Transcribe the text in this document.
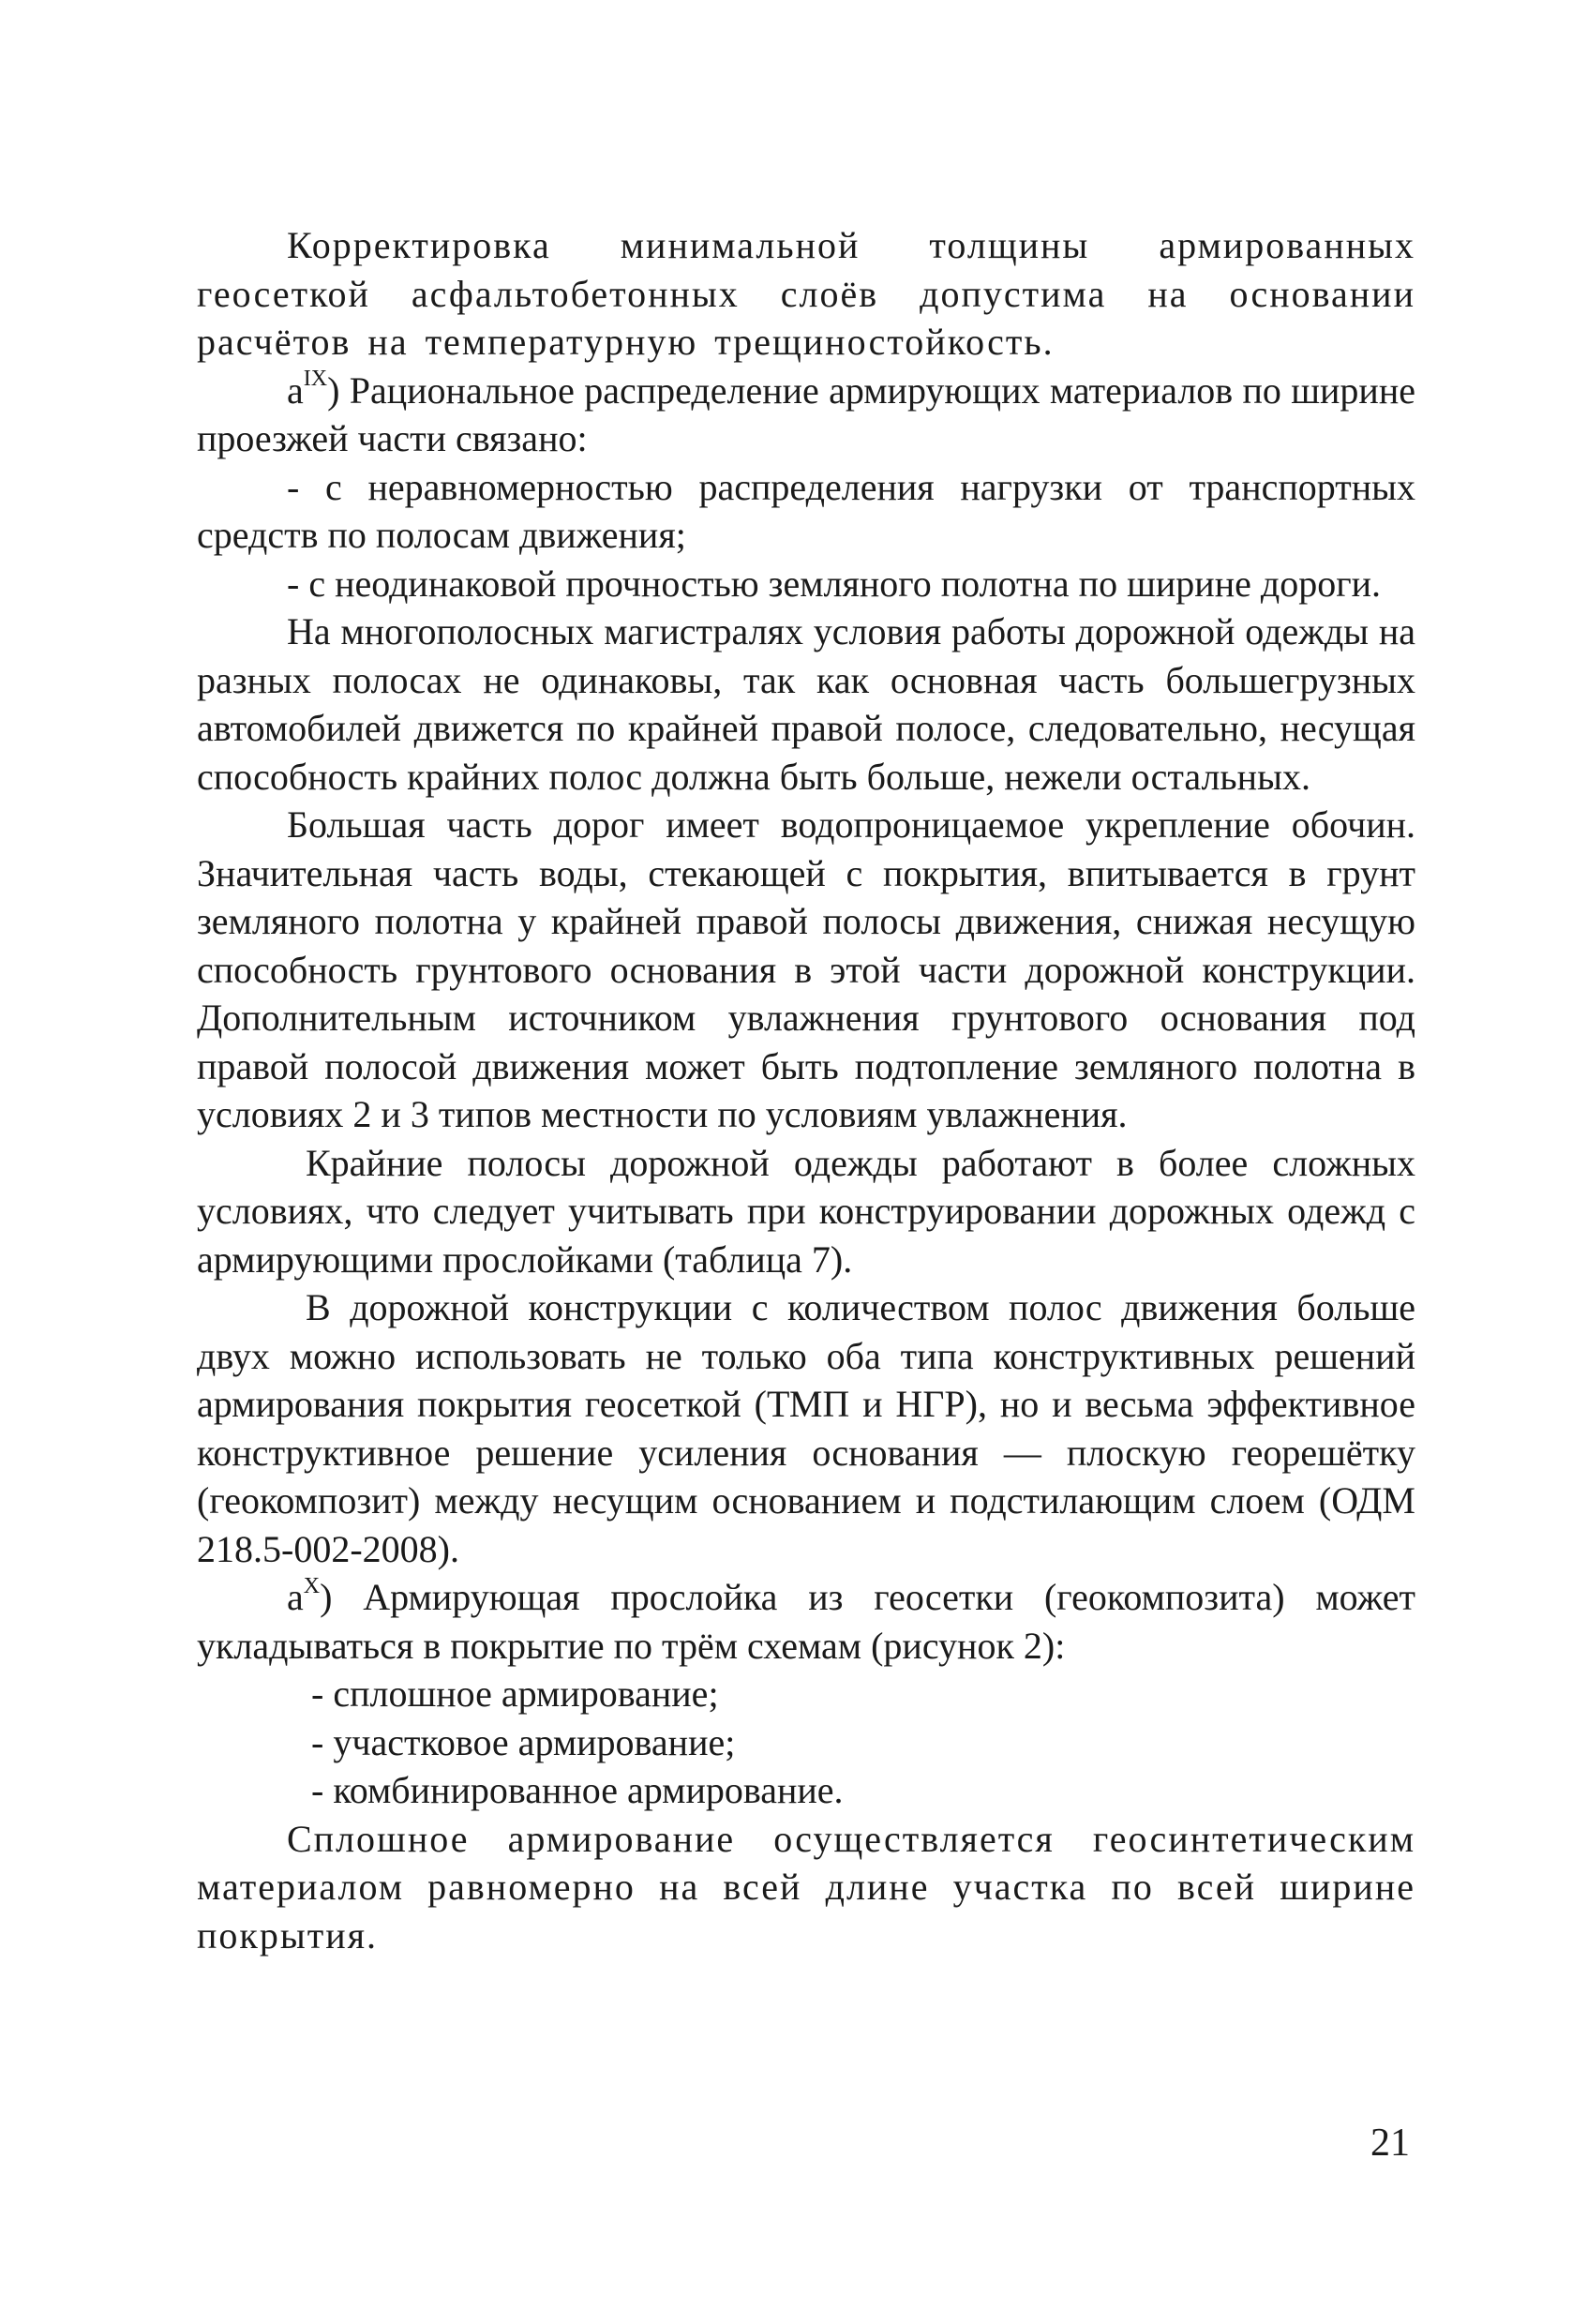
Корректировка минимальной толщины армированных геосеткой асфальтобетонных слоёв допустима на основании расчётов на температурную трещиностойкость.

$a^{IX}$) Рациональное распределение армирующих материалов по ширине проезжей части связано:

- с неравномерностью распределения нагрузки от транспортных средств по полосам движения;

- с неодинаковой прочностью земляного полотна по ширине дороги.

На многополосных магистралях условия работы дорожной одежды на разных полосах не одинаковы, так как основная часть большегрузных автомобилей движется по крайней правой полосе, следовательно, несущая способность крайних полос должна быть больше, нежели остальных.

Большая часть дорог имеет водопроницаемое укрепление обочин. Значительная часть воды, стекающей с покрытия, впитывается в грунт земляного полотна у крайней правой полосы движения, снижая несущую способность грунтового основания в этой части дорожной конструкции. Дополнительным источником увлажнения грунтового основания под правой полосой движения может быть подтопление земляного полотна в условиях 2 и 3 типов местности по условиям увлажнения.

Крайние полосы дорожной одежды работают в более сложных условиях, что следует учитывать при конструировании дорожных одежд с армирующими прослойками (таблица 7).

В дорожной конструкции с количеством полос движения больше двух можно использовать не только оба типа конструктивных решений армирования покрытия геосеткой (ТМП и НГР), но и весьма эффективное конструктивное решение усиления основания — плоскую георешётку (геокомпозит) между несущим основанием и подстилающим слоем (ОДМ 218.5-002-2008).

$a^X$) Армирующая прослойка из геосетки (геокомпозита) может укладываться в покрытие по трём схемам (рисунок 2):

- сплошное армирование;

- участковое армирование;

- комбинированное армирование.

Сплошное армирование осуществляется геосинтетическим материалом равномерно на всей длине участка по всей ширине покрытия.

21
